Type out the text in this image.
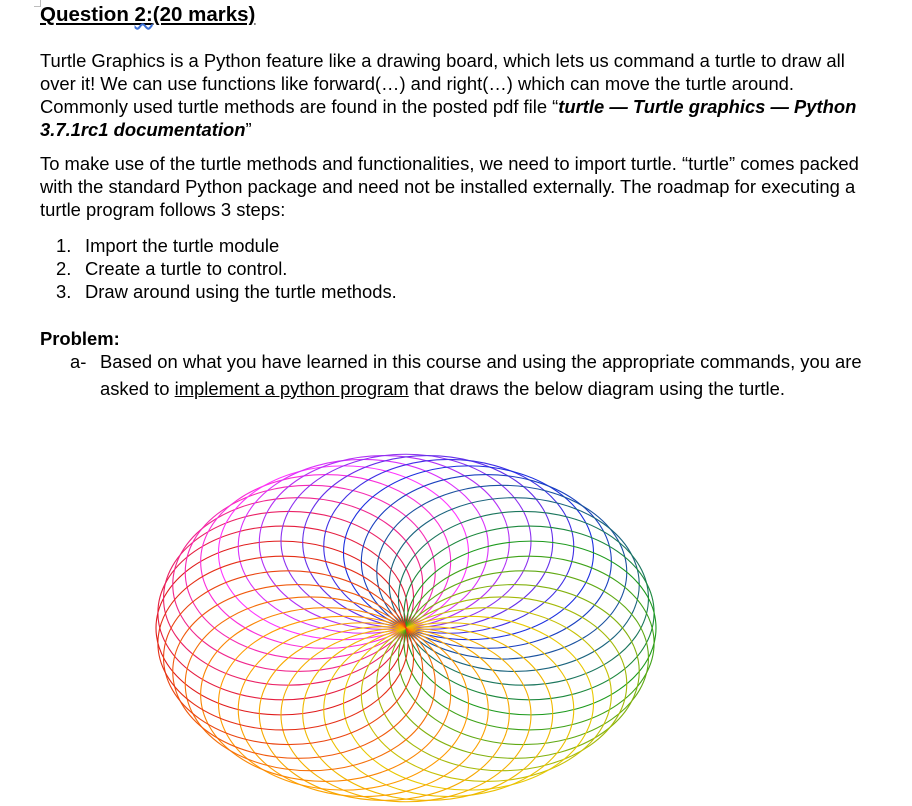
Question 2:(20 marks)

Turtle Graphics is a Python feature like a drawing board, which lets us command a turtle to draw all over it! We can use functions like forward(…) and right(…) which can move the turtle around. Commonly used turtle methods are found in the posted pdf file “turtle — Turtle graphics — Python 3.7.1rc1 documentation”

To make use of the turtle methods and functionalities, we need to import turtle. “turtle” comes packed with the standard Python package and need not be installed externally. The roadmap for executing a turtle program follows 3 steps:

1. Import the turtle module
2. Create a turtle to control.
3. Draw around using the turtle methods.
Problem:
a- Based on what you have learned in this course and using the appropriate commands, you are asked to implement a python program that draws the below diagram using the turtle.
